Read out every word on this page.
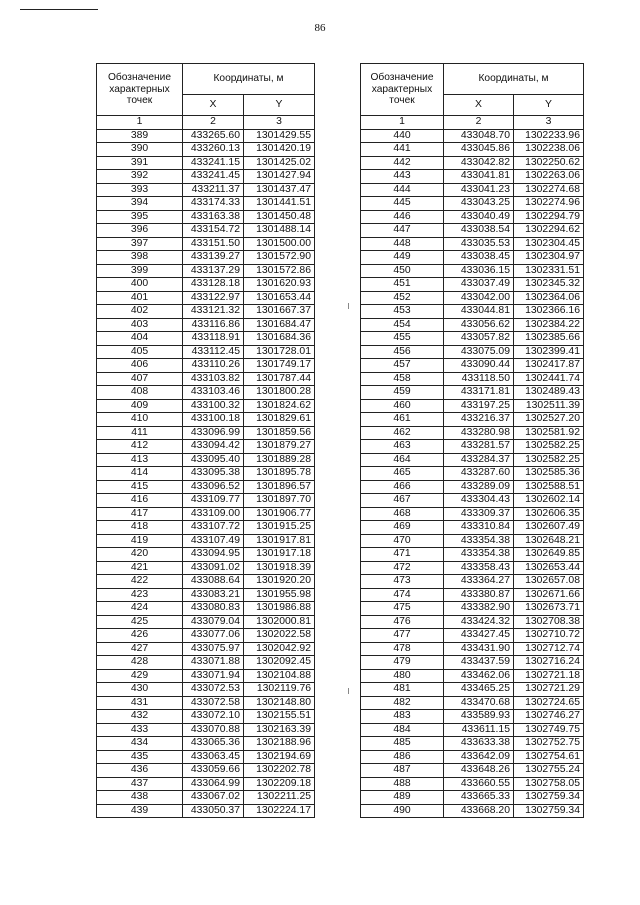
86
Обозначение характерных точек	Координаты, м	
	X	Y
1	2	3
389	433265.60	1301429.55
390	433260.13	1301420.19
391	433241.15	1301425.02
392	433241.45	1301427.94
393	433211.37	1301437.47
394	433174.33	1301441.51
395	433163.38	1301450.48
396	433154.72	1301488.14
397	433151.50	1301500.00
398	433139.27	1301572.90
399	433137.29	1301572.86
400	433128.18	1301620.93
401	433122.97	1301653.44
402	433121.32	1301667.37
403	433116.86	1301684.47
404	433118.91	1301684.36
405	433112.45	1301728.01
406	433110.26	1301749.17
407	433103.82	1301787.44
408	433103.46	1301800.28
409	433100.32	1301824.62
410	433100.18	1301829.61
411	433096.99	1301859.56
412	433094.42	1301879.27
413	433095.40	1301889.28
414	433095.38	1301895.78
415	433096.52	1301896.57
416	433109.77	1301897.70
417	433109.00	1301906.77
418	433107.72	1301915.25
419	433107.49	1301917.81
420	433094.95	1301917.18
421	433091.02	1301918.39
422	433088.64	1301920.20
423	433083.21	1301955.98
424	433080.83	1301986.88
425	433079.04	1302000.81
426	433077.06	1302022.58
427	433075.97	1302042.92
428	433071.88	1302092.45
429	433071.94	1302104.88
430	433072.53	1302119.76
431	433072.58	1302148.80
432	433072.10	1302155.51
433	433070.88	1302163.39
434	433065.36	1302188.96
435	433063.45	1302194.69
436	433059.66	1302202.78
437	433064.99	1302209.18
438	433067.02	1302211.25
439	433050.37	1302224.17
Обозначение характерных точек	Координаты, м	
	X	Y
1	2	3
440	433048.70	1302233.96
441	433045.86	1302238.06
442	433042.82	1302250.62
443	433041.81	1302263.06
444	433041.23	1302274.68
445	433043.25	1302274.96
446	433040.49	1302294.79
447	433038.54	1302294.62
448	433035.53	1302304.45
449	433038.45	1302304.97
450	433036.15	1302331.51
451	433037.49	1302345.32
452	433042.00	1302364.06
453	433044.81	1302366.16
454	433056.62	1302384.22
455	433057.82	1302385.66
456	433075.09	1302399.41
457	433090.44	1302417.87
458	433118.50	1302441.74
459	433171.81	1302489.43
460	433197.25	1302511.39
461	433216.37	1302527.20
462	433280.98	1302581.92
463	433281.57	1302582.25
464	433284.37	1302582.25
465	433287.60	1302585.36
466	433289.09	1302588.51
467	433304.43	1302602.14
468	433309.37	1302606.35
469	433310.84	1302607.49
470	433354.38	1302648.21
471	433354.38	1302649.85
472	433358.43	1302653.44
473	433364.27	1302657.08
474	433380.87	1302671.66
475	433382.90	1302673.71
476	433424.32	1302708.38
477	433427.45	1302710.72
478	433431.90	1302712.74
479	433437.59	1302716.24
480	433462.06	1302721.18
481	433465.25	1302721.29
482	433470.68	1302724.65
483	433589.93	1302746.27
484	433611.15	1302749.75
485	433633.38	1302752.75
486	433642.09	1302754.61
487	433648.26	1302755.24
488	433660.55	1302758.05
489	433665.33	1302759.34
490	433668.20	1302759.34
